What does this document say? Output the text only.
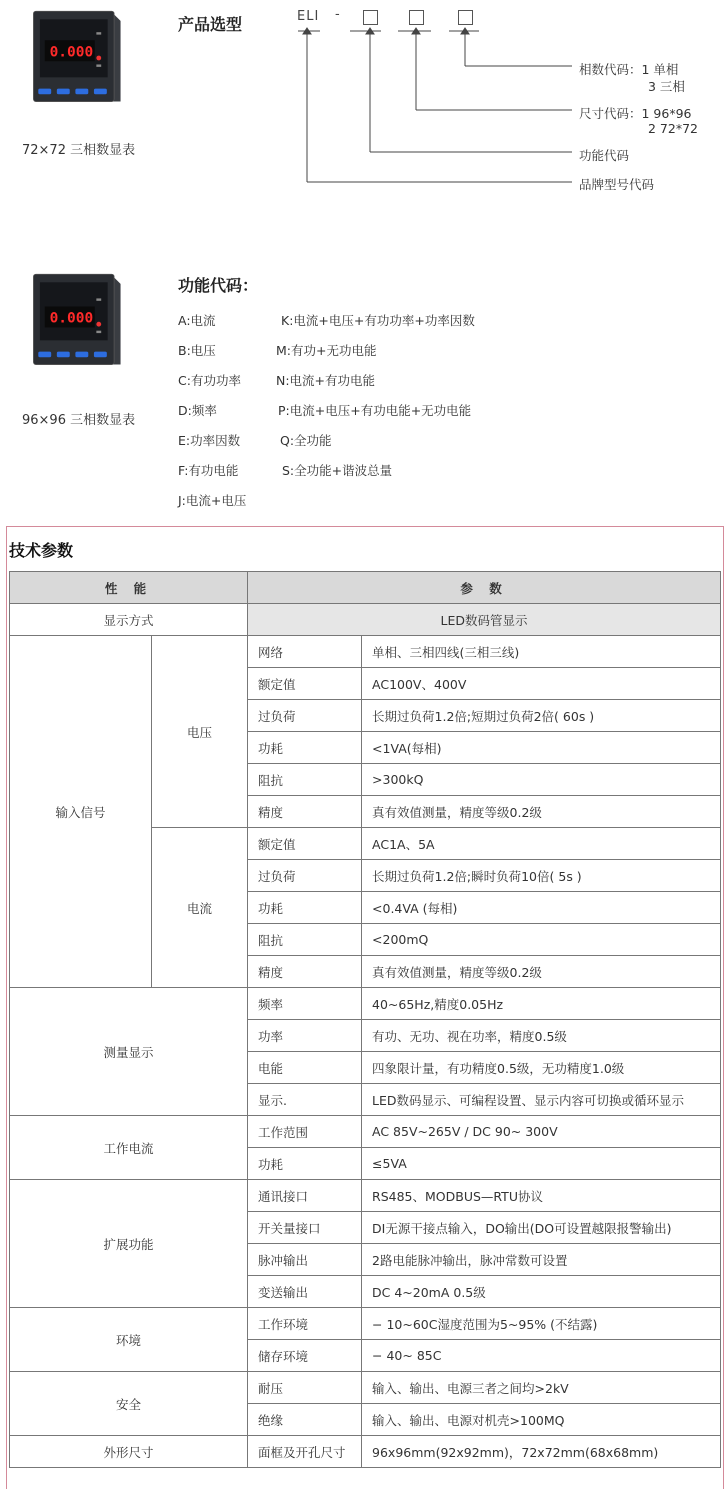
0.000
72×72 三相数显表
0.000
96×96 三相数显表
产品选型	ELI -
相数代码：1 单相
3 三相
尺寸代码：1 96*96
2 72*72
功能代码
品牌型号代码
功能代码：
A:电流	K:电流+电压+有功功率+功率因数
B:电压	M:有功+无功电能
C:有功功率	N:电流+有功电能
D:频率	P:电流+电压+有功电能+无功电能
E:功率因数	Q:全功能
F:有功电能	S:全功能+谐波总量
J:电流+电压
技术参数
性 能		参 数	
显示方式		LED数码管显示	
输入信号	电压	网络	单相、三相四线(三相三线)
		额定值	AC100V、400V
		过负荷	长期过负荷1.2倍;短期过负荷2倍( 60s )
		功耗	<1VA(每相)
		阻抗	>300kQ
		精度	真有效值测量，精度等级0.2级
	电流	额定值	AC1A、5A
		过负荷	长期过负荷1.2倍;瞬时负荷10倍( 5s )
		功耗	<0.4VA (每相)
		阻抗	<200mQ
		精度	真有效值测量，精度等级0.2级
测量显示		频率	40~65Hz,精度0.05Hz
		功率	有功、无功、视在功率，精度0.5级
		电能	四象限计量，有功精度0.5级，无功精度1.0级
		显示.	LED数码显示、可编程设置、显示内容可切换或循环显示
工作电流		工作范围	AC 85V~265V / DC 90~ 300V
		功耗	≤5VA
扩展功能		通讯接口	RS485、MODBUS—RTU协议
		开关量接口	DI无源干接点输入，DO输出(DO可设置越限报警输出)
		脉冲输出	2路电能脉冲输出，脉冲常数可设置
		变送输出	DC 4~20mA 0.5级
环境		工作环境	− 10~60C湿度范围为5~95% (不结露)
		储存环境	− 40~ 85C
安全		耐压	输入、输出、电源三者之间均>2kV
		绝缘	输入、输出、电源对机壳>100MQ
外形尺寸		面框及开孔尺寸	96x96mm(92x92mm)，72x72mm(68x68mm)
